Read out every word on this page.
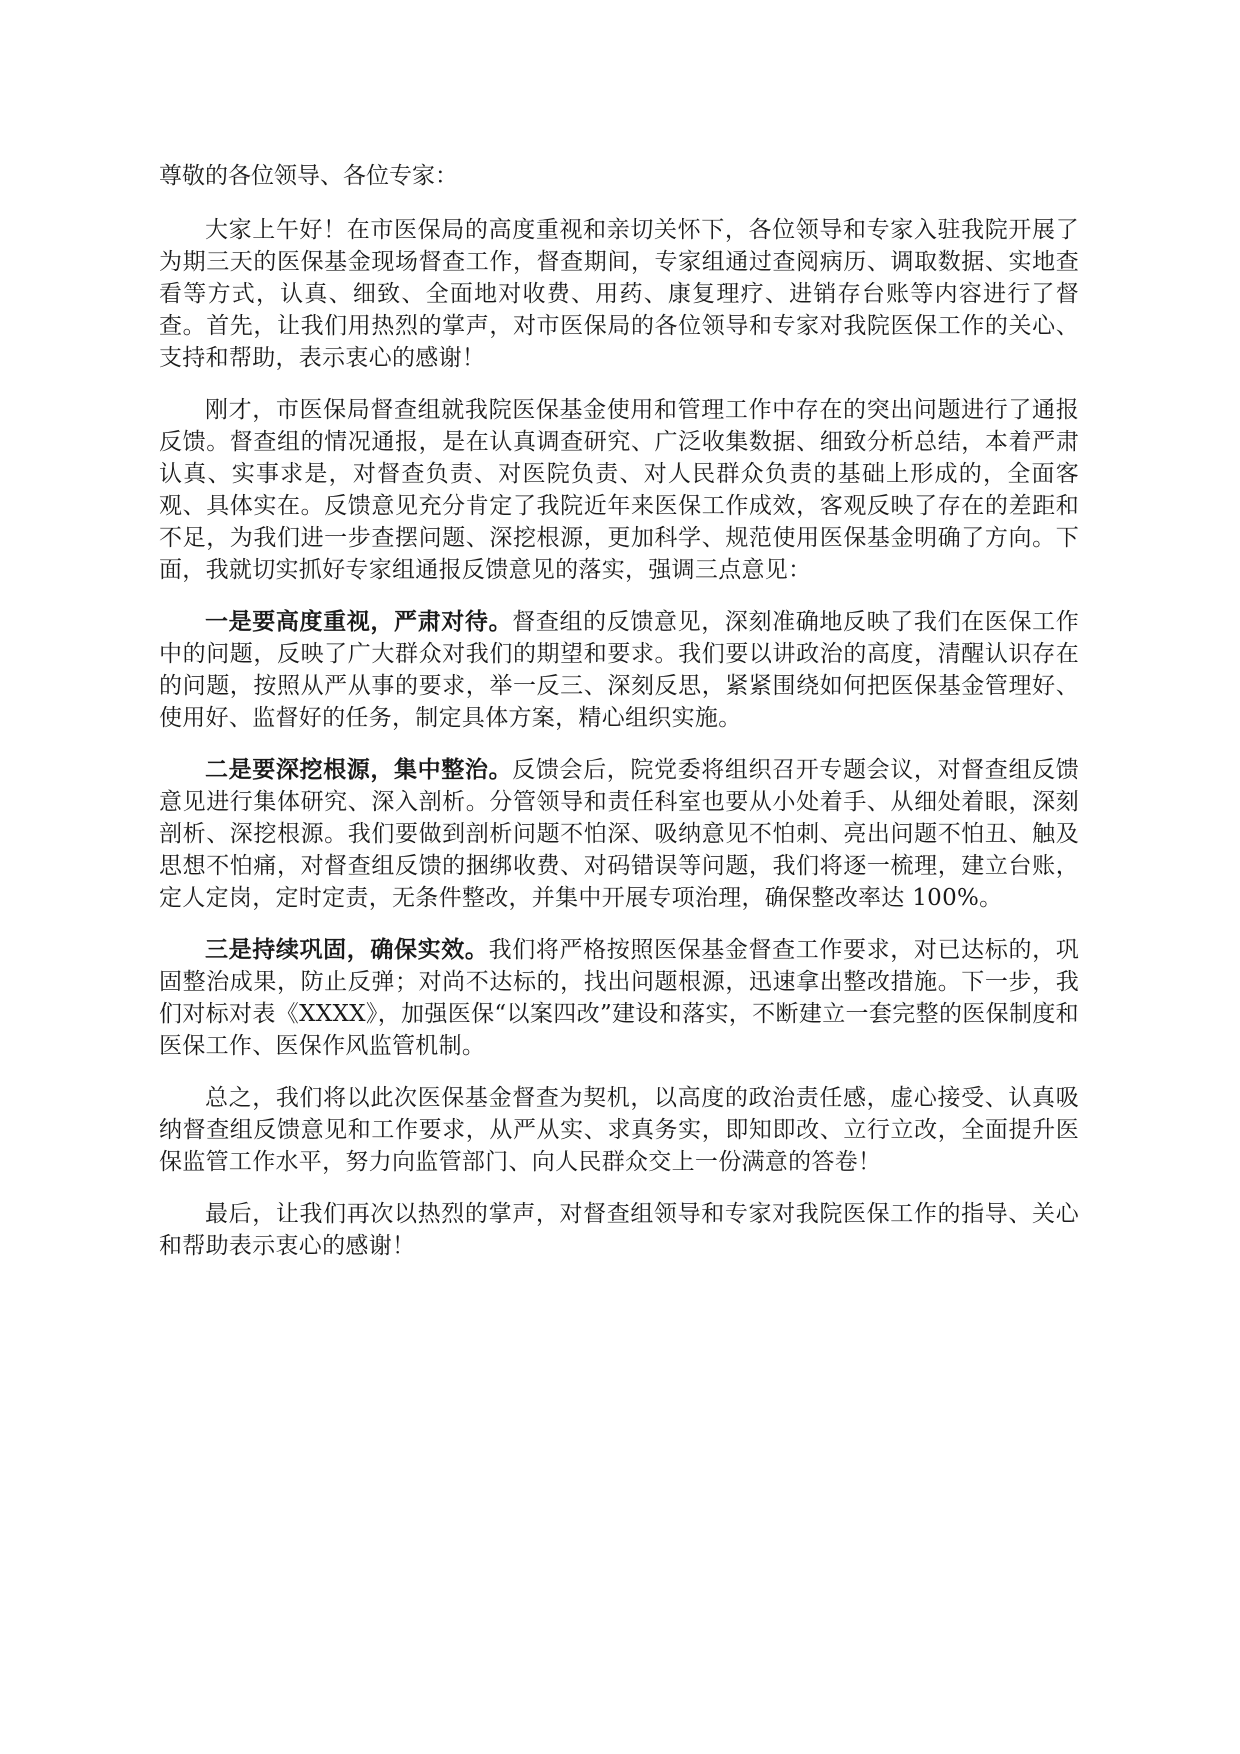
尊敬的各位领导、各位专家：

大家上午好！在市医保局的高度重视和亲切关怀下，各位领导和专家入驻我院开展了为期三天的医保基金现场督查工作，督查期间，专家组通过查阅病历、调取数据、实地查看等方式，认真、细致、全面地对收费、用药、康复理疗、进销存台账等内容进行了督查。首先，让我们用热烈的掌声，对市医保局的各位领导和专家对我院医保工作的关心、支持和帮助，表示衷心的感谢！

刚才，市医保局督查组就我院医保基金使用和管理工作中存在的突出问题进行了通报反馈。督查组的情况通报，是在认真调查研究、广泛收集数据、细致分析总结，本着严肃认真、实事求是，对督查负责、对医院负责、对人民群众负责的基础上形成的，全面客观、具体实在。反馈意见充分肯定了我院近年来医保工作成效，客观反映了存在的差距和不足，为我们进一步查摆问题、深挖根源，更加科学、规范使用医保基金明确了方向。下面，我就切实抓好专家组通报反馈意见的落实，强调三点意见：

一是要高度重视，严肃对待。督查组的反馈意见，深刻准确地反映了我们在医保工作中的问题，反映了广大群众对我们的期望和要求。我们要以讲政治的高度，清醒认识存在的问题，按照从严从事的要求，举一反三、深刻反思，紧紧围绕如何把医保基金管理好、使用好、监督好的任务，制定具体方案，精心组织实施。

二是要深挖根源，集中整治。反馈会后，院党委将组织召开专题会议，对督查组反馈意见进行集体研究、深入剖析。分管领导和责任科室也要从小处着手、从细处着眼，深刻剖析、深挖根源。我们要做到剖析问题不怕深、吸纳意见不怕刺、亮出问题不怕丑、触及思想不怕痛，对督查组反馈的捆绑收费、对码错误等问题，我们将逐一梳理，建立台账，定人定岗，定时定责，无条件整改，并集中开展专项治理，确保整改率达 100%。

三是持续巩固，确保实效。我们将严格按照医保基金督查工作要求，对已达标的，巩固整治成果，防止反弹；对尚不达标的，找出问题根源，迅速拿出整改措施。下一步，我们对标对表《XXXX》，加强医保“以案四改”建设和落实，不断建立一套完整的医保制度和医保工作、医保作风监管机制。

总之，我们将以此次医保基金督查为契机，以高度的政治责任感，虚心接受、认真吸纳督查组反馈意见和工作要求，从严从实、求真务实，即知即改、立行立改，全面提升医保监管工作水平，努力向监管部门、向人民群众交上一份满意的答卷！

最后，让我们再次以热烈的掌声，对督查组领导和专家对我院医保工作的指导、关心和帮助表示衷心的感谢！
